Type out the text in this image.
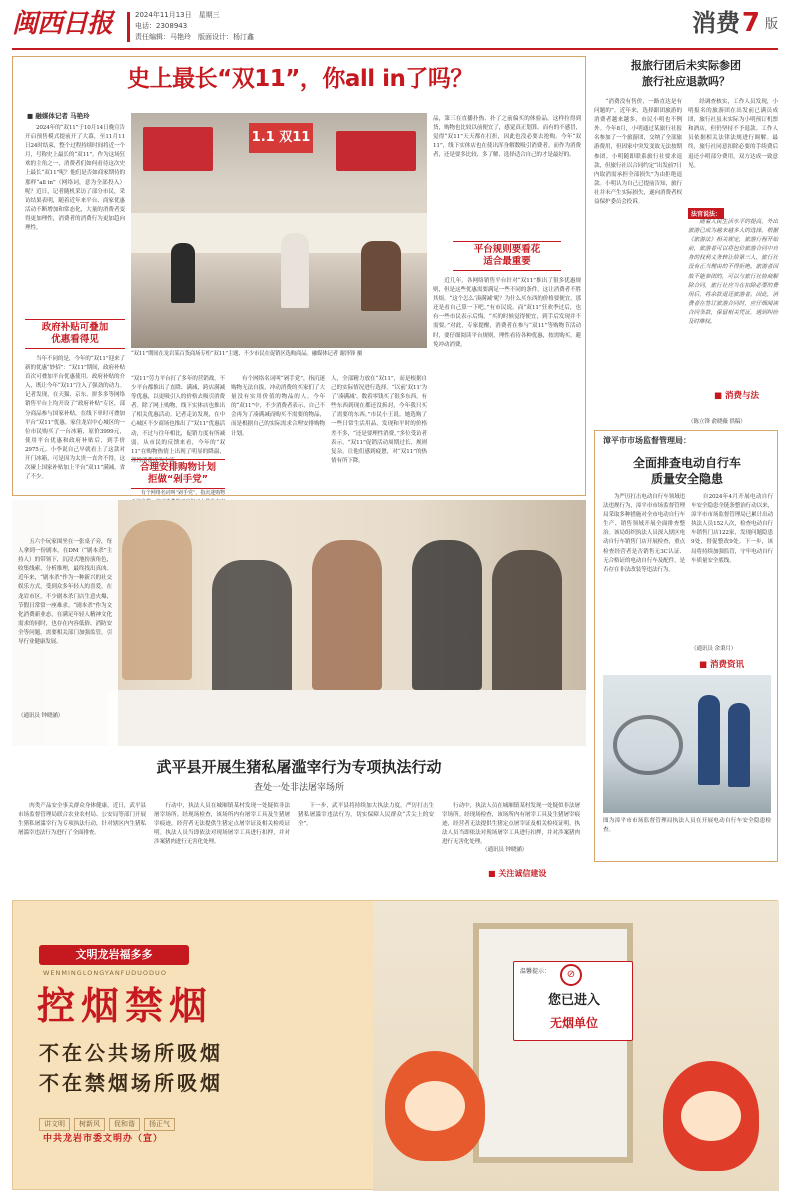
闽西日报	2024年11月13日　星期三
电话：2308943
责任编辑：马艳玲　版面设计：杨汀鑫	消费 7 版
史上最长“双11”，你all in了吗？
■ 融媒体记者 马艳玲
　　2024年的“双11”于10月14日晚宣告开启预售模式提前开了大幕，至11月11日24时结束，整个过程持续时间将近一个月，号称史上最长的“双11”。作为这场狂欢的主角之一，消费者们如何看待这次史上最长“双11”呢？他们是否如商家期待的那样“all in”（网络词，意为全部投入）呢？近日，记者随机采访了部分市民，采访结果表明，随着近年来平台、商家优惠活动不断增加和常态化，大量的消费者变得更加理性，消费者的消费行为更加趋向理性。
政府补贴可叠加
优惠看得见
　　当年不同的是，今年的“双11”迎来了新的优惠“妙招”：“双11”期间，政府补贴首次可叠加平台优惠使用。政府补贴的介入，既让今年“双11”注入了强劲的动力。记者发现，在天猫、京东、拼多多等网络销售平台上均开设了“政府补贴”专区，部分商品参与国家补贴，在线下单时可叠加平台“双11”优惠。家住龙岩中心城区的一位市民购买了一台冰箱，原价3999元，使用平台优惠和政府补贴后，到手价2975元。小李说自己早就看上了这款对开门冰箱，可是因为太贵一直舍不得，这次碰上国家补贴加上平台“双11”满减，省了不少。
1.1 双11
“双11”期间在龙岩某百货商场专柜“双11”主题，不少市民在促销区选购商品。融媒体记者 谢泽锋 摄
“双11”劳力平台打了多年的营销战，不少平台都推出了直降、满减、跨店满减等优惠，以更吸引人的价格去吸引消费者。除了网上购物，线下实体店也推出了相关优惠活动。记者走访发现，在中心城区不少商场也推出了“双11”优惠活动，不过与往年相比，促销力度有所减弱。从市民的反馈来看，今年的“双11”在购物热情上出现了明显的降温，理性消费成为主流。
合理安排购物计划
拒做“剁手党”
　　有个网络名词叫“剁手党”，指沉迷购物
　　有个网络名词叫“剁手党”，指沉迷购物无法自拔，冲动消费的买家们了大量没有实用价值的物品的人。今年的“双11”中，不少消费者表示，自己不会再为了凑满减而购买不需要的物品，而是根据自己的实际需求合理安排购物计划。
人，全部精力放在“双11”，而是根据自己的实际情况进行选择。“以前‘双11’为了‘凑满减’，数着零钱买了很多东西，有些东西到现在都还没拆封，今年我只买了需要的东西。”市民小王说。她选购了一些日常生活用品，发现和平时的价格差不多，“还是要理性消费。”多位受访者表示，“双11”促销活动周期过长、规则复杂，让他们感到疲惫，对“双11”的热情有所下降。
品，第三在直播扑热、扑了之前偏买的体验品，这样拉得到货，购物也比较以前便宜了，感觉真正划算。而有的不感冒，觉得“双11”天天都在打折，因此也没必要去抢购。今年“双11”，线下实体店也在使出浑身解数吸引消费者。而作为消费者，还是要多比较、多了解，选择适合自己的才是最好的。
平台规则要看花
适合最重要
　　近几年，各网络销售平台针对“双11”推出了很多优惠规则，但是这些优惠需要满足一些不同的条件，这让消费者不胜其烦。“这个怎么‘凑满减’呢？为什么买东西的价格要便宜，那还是看自己算一下吧。”有市民说。而“双11”狂欢季过后，也有一些市民表示后悔，“买的时候觉得便宜，到手后发现并不需要。”对此，专家提醒，消费者在参与“双11”等购物节活动时，要仔细阅读平台规则，理性看待各种优惠，按需购买，避免冲动消费。
报旅行团后未实际参团
旅行社应退款吗？
　　“消费没有售价，一路直达是有问题的”。近年来，选择跟团旅游的消费者越来越多，市民小明也不例外。今年8月，小明通过某旅行社报名参加了一个旅游团，交纳了全部旅游费用，但因家中突发变故无法按期参团。小明随即联系旅行社要求退款，但旅行社以合同约定“出发前7日内取消需承担全部损失”为由拒绝退款。小明认为自己已提前告知，旅行社并未产生实际损失，遂向消费者权益保护委员会投诉。
　　经调查核实，工作人员发现，小明报名的旅游团在出发前已满员成团，旅行社虽未实际为小明预订机票和酒店，但仍坚持不予退款。工作人员依据相关法律法规进行调解。最终，旅行社同意扣除必要的手续费后退还小明部分费用，双方达成一致意见。
法官说法：
　　随着人民生活水平的提高，外出旅游已成为越来越多人的选择。根据《旅游法》相关规定，旅游行程开始前，旅游者可以将包价旅游合同中自身的权利义务转让给第三人，旅行社没有正当理由的不得拒绝。旅游者因故不能参团的，可以与旅行社协商解除合同，旅行社应当在扣除必要的费用后，将余款退还旅游者。因此，消费者在签订旅游合同时，应仔细阅读合同条款，保留相关凭证，遇到纠纷及时维权。
（陈立锋 俞晓薇 供稿）
■ 消费与法
漳平市市场监督管理局：
全面排查电动自行车
质量安全隐患
　　为严厉打击电动自行车领域违法违规行为，漳平市市场监督管理局采取多种措施对全市电动自行车生产、销售领域开展全面排查整治。该局组织执法人员深入辖区电动自行车销售门店开展检查，重点检查经营者是否销售无3C认证、无合格证的电动自行车及配件，是否存在非法改装等违法行为。
　　自2024年4月开展电动自行车安全隐患全链条整治行动以来，漳平市市场监督管理局已累计出动执法人员152人次，检查电动自行车销售门店122家，发现问题隐患9处，督促整改9处。下一步，该局将持续加强监管，守牢电动自行车质量安全底线。
（通讯员 余秉月）
■ 消费资讯
图为漳平市市场监督管理局执法人员在开展电动自行车安全隐患检查。
　　五六个玩家围坐在一张桌子旁，每人拿到一份剧本，在DM（“剧本杀”主持人）的带领下，沉浸式地扮演角色，收集线索、分析推理，最终找出真凶。近年来，“剧本杀”作为一种新兴的社交娱乐方式，受到众多年轻人的喜爱。在龙岩市区，不少剧本杀门店生意火爆，节假日常常一座难求。“剧本杀”作为文化消费新业态，在满足年轻人精神文化需求的同时，也存在内容低俗、消防安全等问题，需要相关部门加强监管，引导行业健康发展。
（通讯员 钟晓涵）
武平县开展生猪私屠滥宰行为专项执法行动
查处一处非法屠宰场所
　　肉类产品安全事关群众身体健康，近日，武平县市场监督管理局联合农业农村局、公安局等部门开展生猪私屠滥宰行为专项执法行动，针对辖区内生猪私屠滥宰违法行为进行了全面排查。
　　行动中，执法人员在城厢镇某村发现一处疑似非法屠宰场所。经现场检查，该场所内有屠宰工具及生猪屠宰痕迹，经营者无法提供生猪定点屠宰证及相关检疫证明。执法人员当即依法对现场屠宰工具进行扣押，并对涉案猪肉进行无害化处理。
　　下一步，武平县将持续加大执法力度，严厉打击生猪私屠滥宰违法行为，切实保障人民群众“舌尖上的安全”。
　　行动中，执法人员在城厢镇某村发现一处疑似非法屠宰场所。经现场检查，该场所内有屠宰工具及生猪屠宰痕迹，经营者无法提供生猪定点屠宰证及相关检疫证明。执法人员当即依法对现场屠宰工具进行扣押，并对涉案猪肉进行无害化处理。
（通讯员 钟晓涵）
■ 关注诚信建设
文明龙岩福多多
WENMINGLONGYANFUDUODUO
控烟禁烟
不在公共场所吸烟
不在禁烟场所吸烟
讲文明 树新风 促和谐 扬正气
中共龙岩市委文明办（宣）
温馨提示：	⊘
您已进入
无烟单位
